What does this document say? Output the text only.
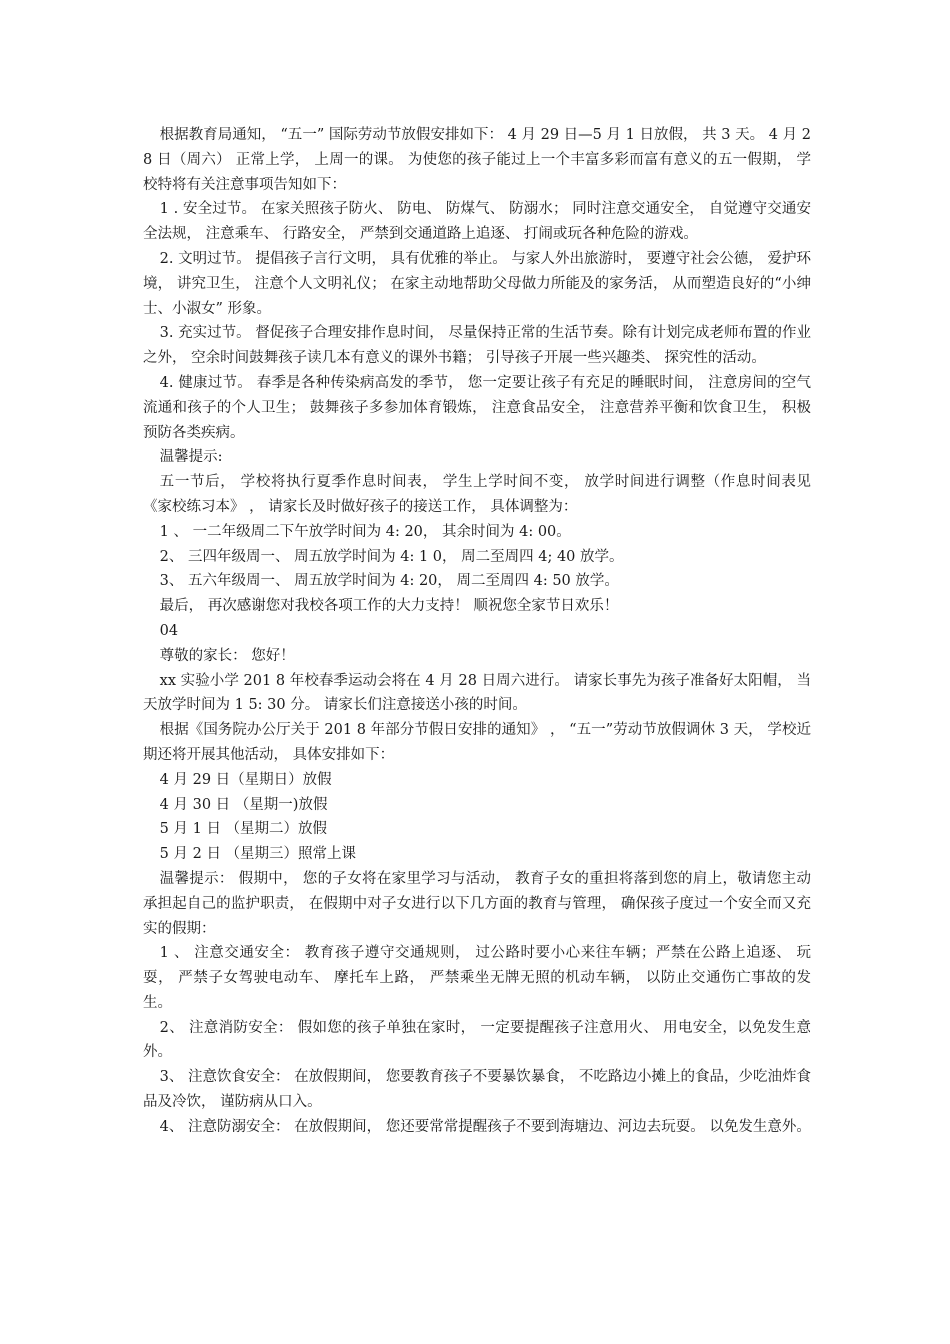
根据教育局通知， “五一” 国际劳动节放假安排如下： 4 月 29 日—5 月 1 日放假， 共 3 天。 4 月 28 日（周六） 正常上学， 上周一的课。 为使您的孩子能过上一个丰富多彩而富有意义的五一假期， 学校特将有关注意事项告知如下：

1 . 安全过节。 在家关照孩子防火、 防电、 防煤气、 防溺水； 同时注意交通安全， 自觉遵守交通安全法规， 注意乘车、 行路安全， 严禁到交通道路上追逐、 打闹或玩各种危险的游戏。

2. 文明过节。 提倡孩子言行文明， 具有优雅的举止。 与家人外出旅游时， 要遵守社会公德， 爱护环境， 讲究卫生， 注意个人文明礼仪； 在家主动地帮助父母做力所能及的家务活， 从而塑造良好的“小绅士、小淑女” 形象。

3. 充实过节。 督促孩子合理安排作息时间， 尽量保持正常的生活节奏。除有计划完成老师布置的作业之外， 空余时间鼓舞孩子读几本有意义的课外书籍； 引导孩子开展一些兴趣类、 探究性的活动。

4. 健康过节。 春季是各种传染病高发的季节， 您一定要让孩子有充足的睡眠时间， 注意房间的空气流通和孩子的个人卫生； 鼓舞孩子多参加体育锻炼， 注意食品安全， 注意营养平衡和饮食卫生， 积极预防各类疾病。

温馨提示:

五一节后， 学校将执行夏季作息时间表， 学生上学时间不变， 放学时间进行调整（作息时间表见《家校练习本》 ， 请家长及时做好孩子的接送工作， 具体调整为：

1 、 一二年级周二下午放学时间为 4: 20， 其余时间为 4: 00。

2、 三四年级周一、 周五放学时间为 4: 1 0， 周二至周四 4; 40 放学。

3、 五六年级周一、 周五放学时间为 4: 20， 周二至周四 4: 50 放学。

最后， 再次感谢您对我校各项工作的大力支持！ 顺祝您全家节日欢乐！

04

尊敬的家长： 您好！

xx 实验小学 201 8 年校春季运动会将在 4 月 28 日周六进行。 请家长事先为孩子准备好太阳帽， 当天放学时间为 1 5: 30 分。 请家长们注意接送小孩的时间。

根据《国务院办公厅关于 201 8 年部分节假日安排的通知》 ， “五一”劳动节放假调休 3 天， 学校近期还将开展其他活动， 具体安排如下：

4 月 29 日（星期日）放假

4 月 30 日 （星期一)放假

5 月 1 日 （星期二）放假

5 月 2 日 （星期三）照常上课

温馨提示： 假期中， 您的子女将在家里学习与活动， 教育子女的重担将落到您的肩上，敬请您主动承担起自己的监护职责， 在假期中对子女进行以下几方面的教育与管理， 确保孩子度过一个安全而又充实的假期：

1 、 注意交通安全： 教育孩子遵守交通规则， 过公路时要小心来往车辆；严禁在公路上追逐、 玩耍， 严禁子女驾驶电动车、 摩托车上路， 严禁乘坐无牌无照的机动车辆， 以防止交通伤亡事故的发生。

2、 注意消防安全： 假如您的孩子单独在家时， 一定要提醒孩子注意用火、 用电安全，以免发生意外。

3、 注意饮食安全： 在放假期间， 您要教育孩子不要暴饮暴食， 不吃路边小摊上的食品，少吃油炸食品及冷饮， 谨防病从口入。

4、 注意防溺安全： 在放假期间， 您还要常常提醒孩子不要到海塘边、河边去玩耍。 以免发生意外。
